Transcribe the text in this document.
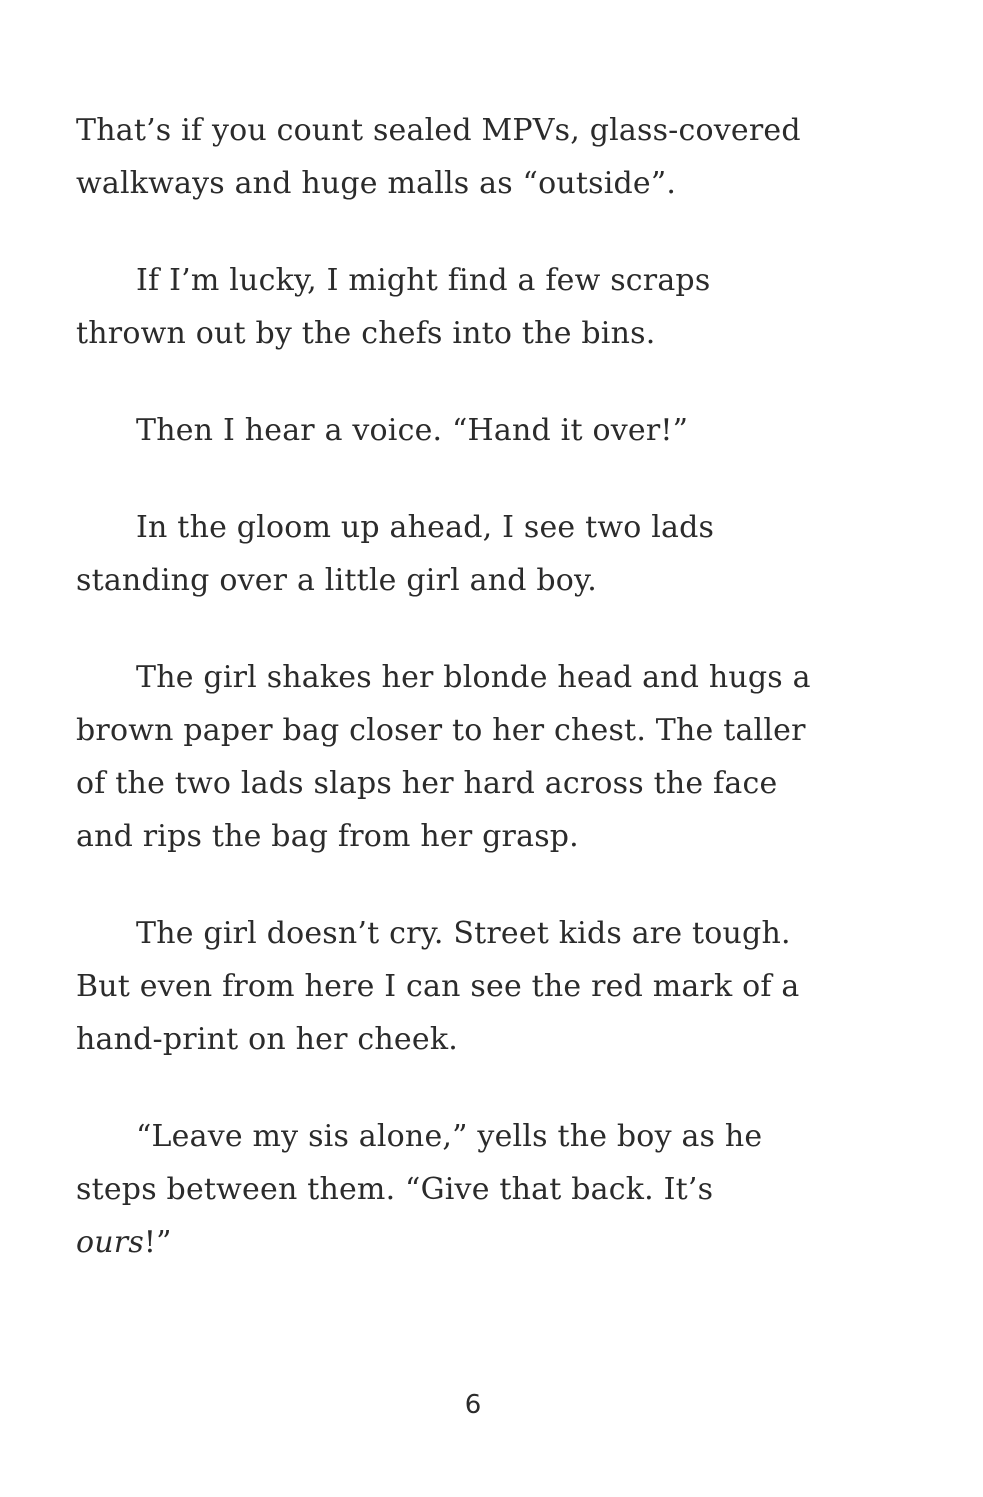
That’s if you count sealed MPVs, glass-covered
walkways and huge malls as “outside”.

If I’m lucky, I might find a few scraps
thrown out by the chefs into the bins.

Then I hear a voice. “Hand it over!”

In the gloom up ahead, I see two lads
standing over a little girl and boy.

The girl shakes her blonde head and hugs a
brown paper bag closer to her chest. The taller
of the two lads slaps her hard across the face
and rips the bag from her grasp.

The girl doesn’t cry. Street kids are tough.
But even from here I can see the red mark of a
hand-print on her cheek.

“Leave my sis alone,” yells the boy as he
steps between them. “Give that back. It’s
ours!”

6
